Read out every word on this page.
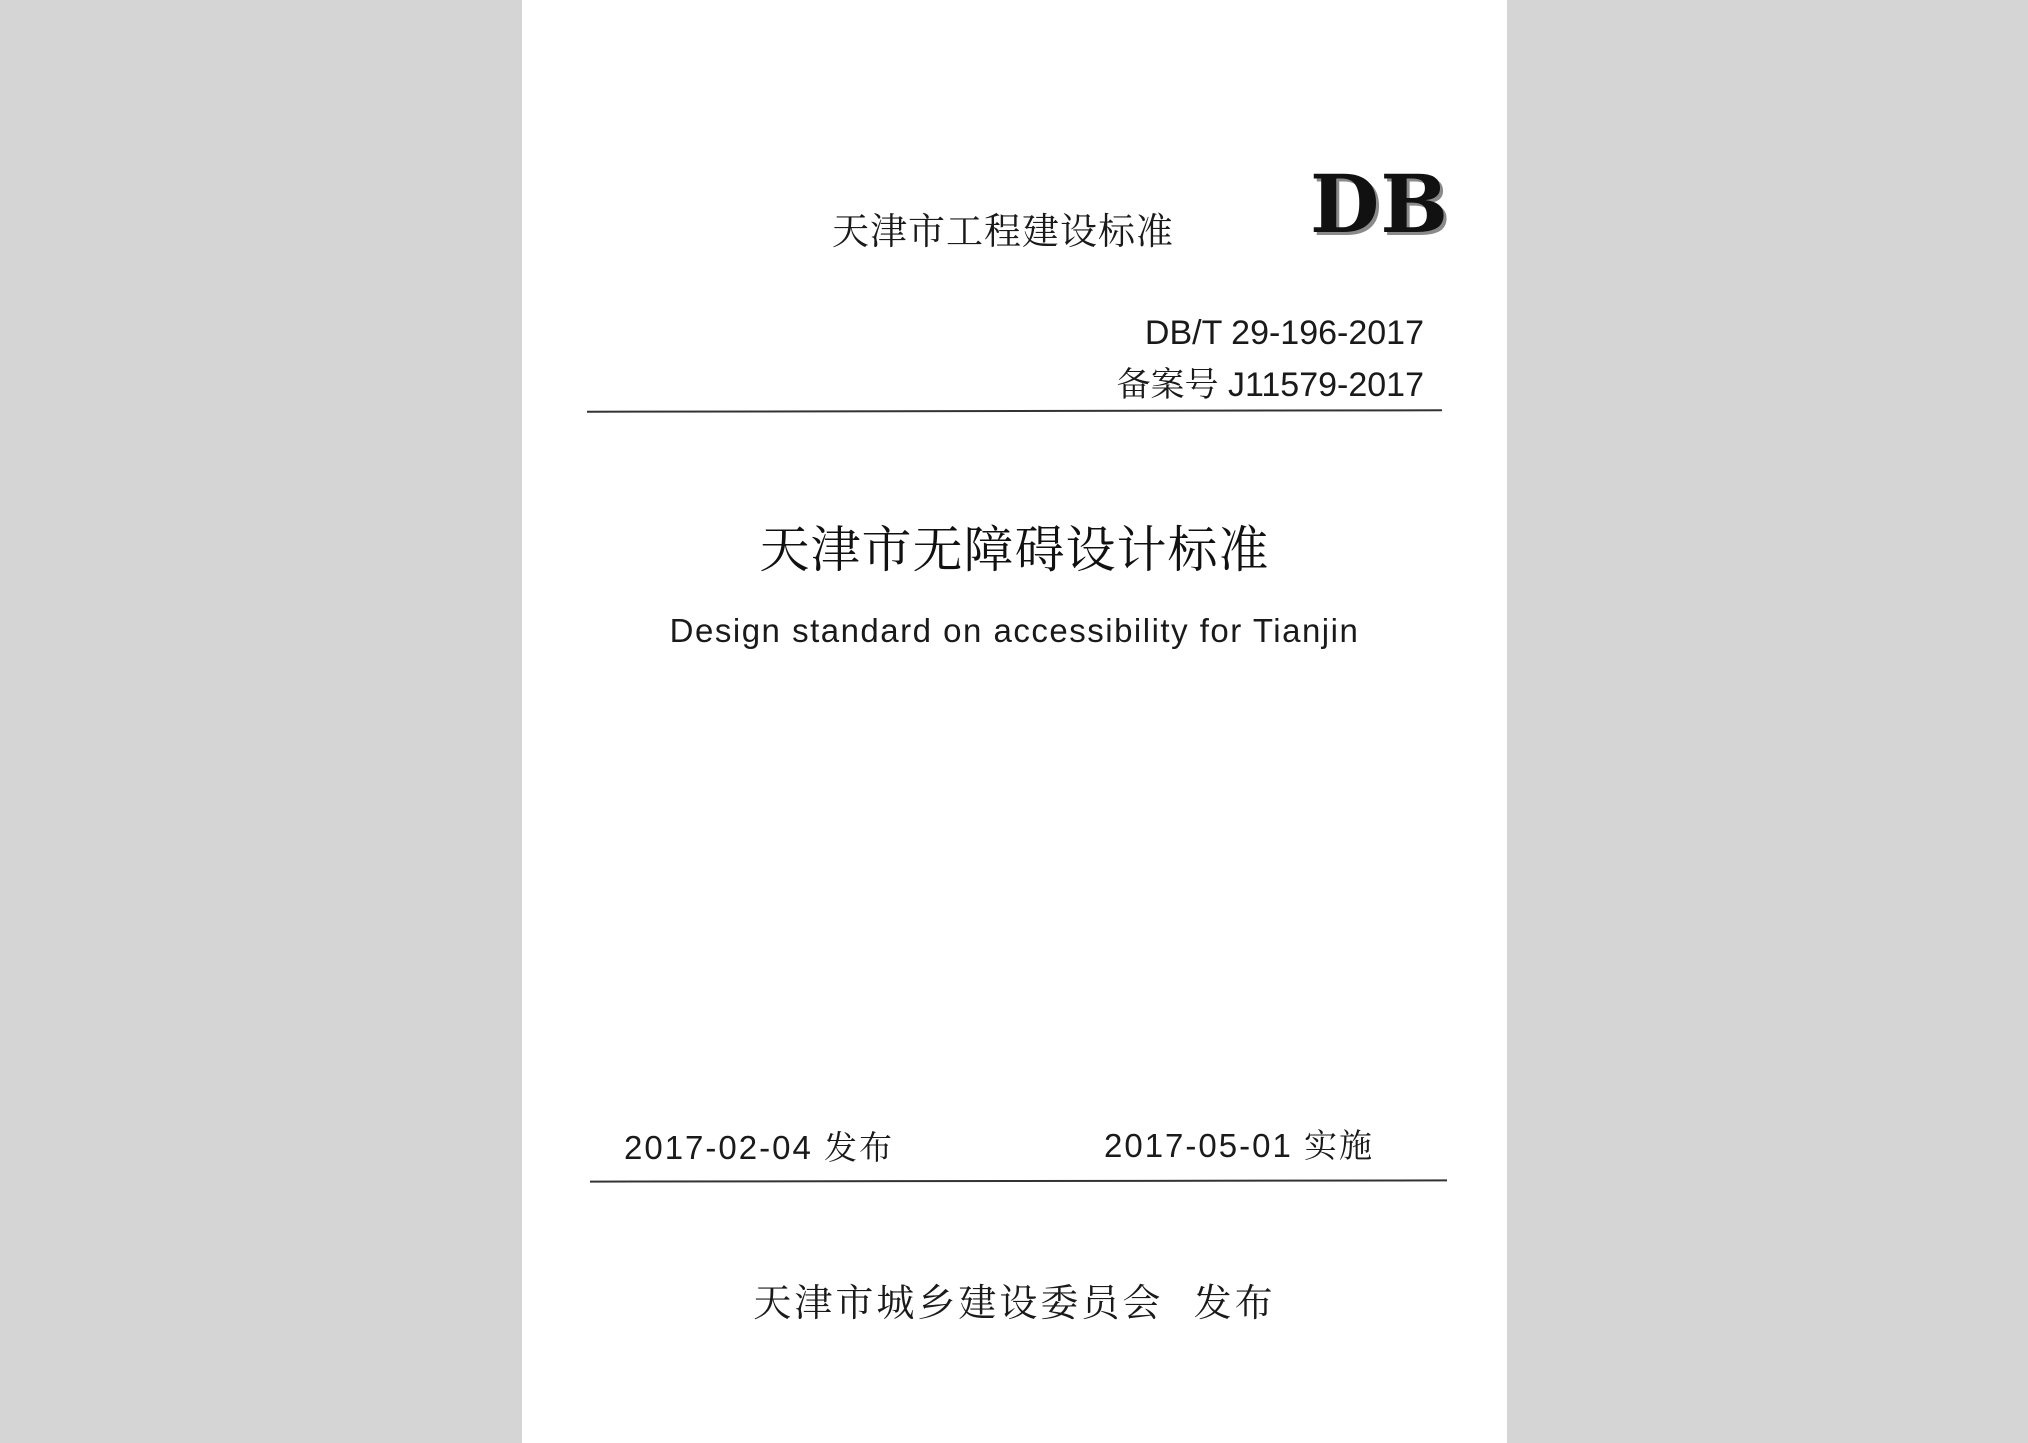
天津市工程建设标准 DB
DB/T 29-196-2017
备案号 J11579-2017
天津市无障碍设计标准
Design standard on accessibility for Tianjin
2017-02-04 发布	2017-05-01 实施
天津市城乡建设委员会  发布
